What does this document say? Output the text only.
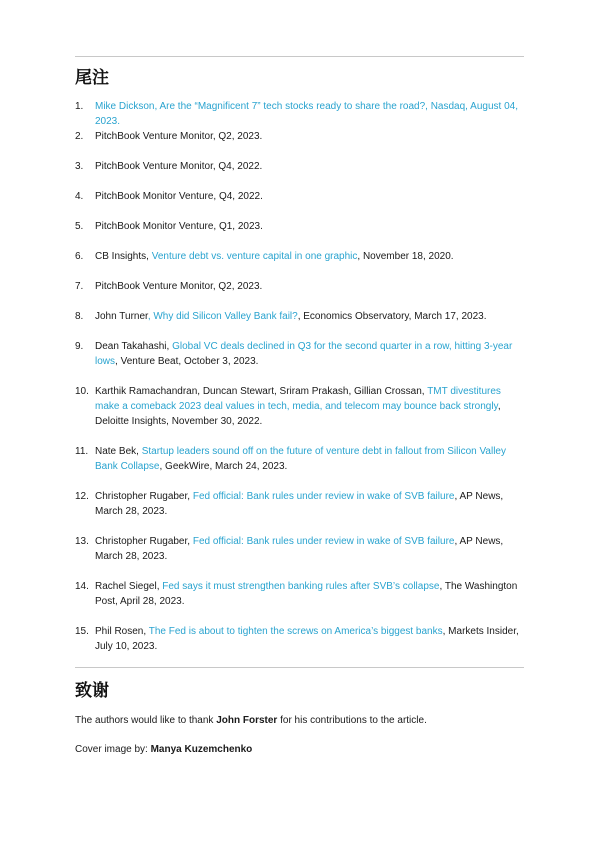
尾注
1. Mike Dickson, Are the “Magnificent 7” tech stocks ready to share the road?, Nasdaq, August 04, 2023.
2. PitchBook Venture Monitor, Q2, 2023.
3. PitchBook Venture Monitor, Q4, 2022.
4. PitchBook Monitor Venture, Q4, 2022.
5. PitchBook Monitor Venture, Q1, 2023.
6. CB Insights, Venture debt vs. venture capital in one graphic, November 18, 2020.
7. PitchBook Venture Monitor, Q2, 2023.
8. John Turner, Why did Silicon Valley Bank fail?, Economics Observatory, March 17, 2023.
9. Dean Takahashi, Global VC deals declined in Q3 for the second quarter in a row, hitting 3-year lows, Venture Beat, October 3, 2023.
10. Karthik Ramachandran, Duncan Stewart, Sriram Prakash, Gillian Crossan, TMT divestitures make a comeback 2023 deal values in tech, media, and telecom may bounce back strongly, Deloitte Insights, November 30, 2022.
11. Nate Bek, Startup leaders sound off on the future of venture debt in fallout from Silicon Valley Bank Collapse, GeekWire, March 24, 2023.
12. Christopher Rugaber, Fed official: Bank rules under review in wake of SVB failure, AP News, March 28, 2023.
13. Christopher Rugaber, Fed official: Bank rules under review in wake of SVB failure, AP News, March 28, 2023.
14. Rachel Siegel, Fed says it must strengthen banking rules after SVB’s collapse, The Washington Post, April 28, 2023.
15. Phil Rosen, The Fed is about to tighten the screws on America’s biggest banks, Markets Insider, July 10, 2023.
致谢

The authors would like to thank John Forster for his contributions to the article.

Cover image by: Manya Kuzemchenko
